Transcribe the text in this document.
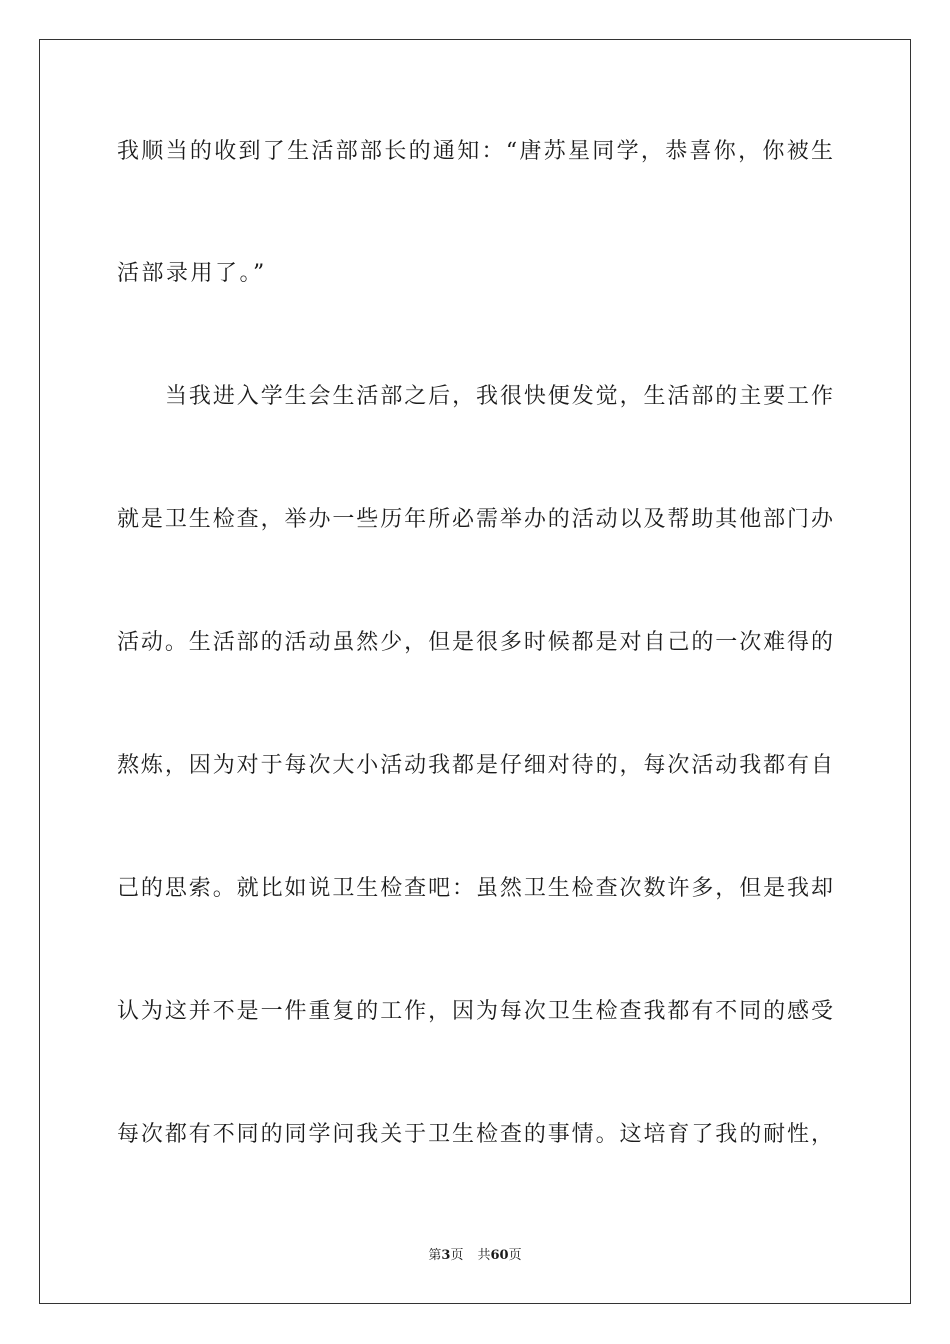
我顺当的收到了生活部部长的通知：“唐苏星同学，恭喜你，你被生
活部录用了。”
当我进入学生会生活部之后，我很快便发觉，生活部的主要工作
就是卫生检查，举办一些历年所必需举办的活动以及帮助其他部门办
活动。生活部的活动虽然少，但是很多时候都是对自己的一次难得的
熬炼，因为对于每次大小活动我都是仔细对待的，每次活动我都有自
己的思索。就比如说卫生检查吧：虽然卫生检查次数许多，但是我却
认为这并不是一件重复的工作，因为每次卫生检查我都有不同的感受
每次都有不同的同学问我关于卫生检查的事情。这培育了我的耐性，
第3页 共60页
